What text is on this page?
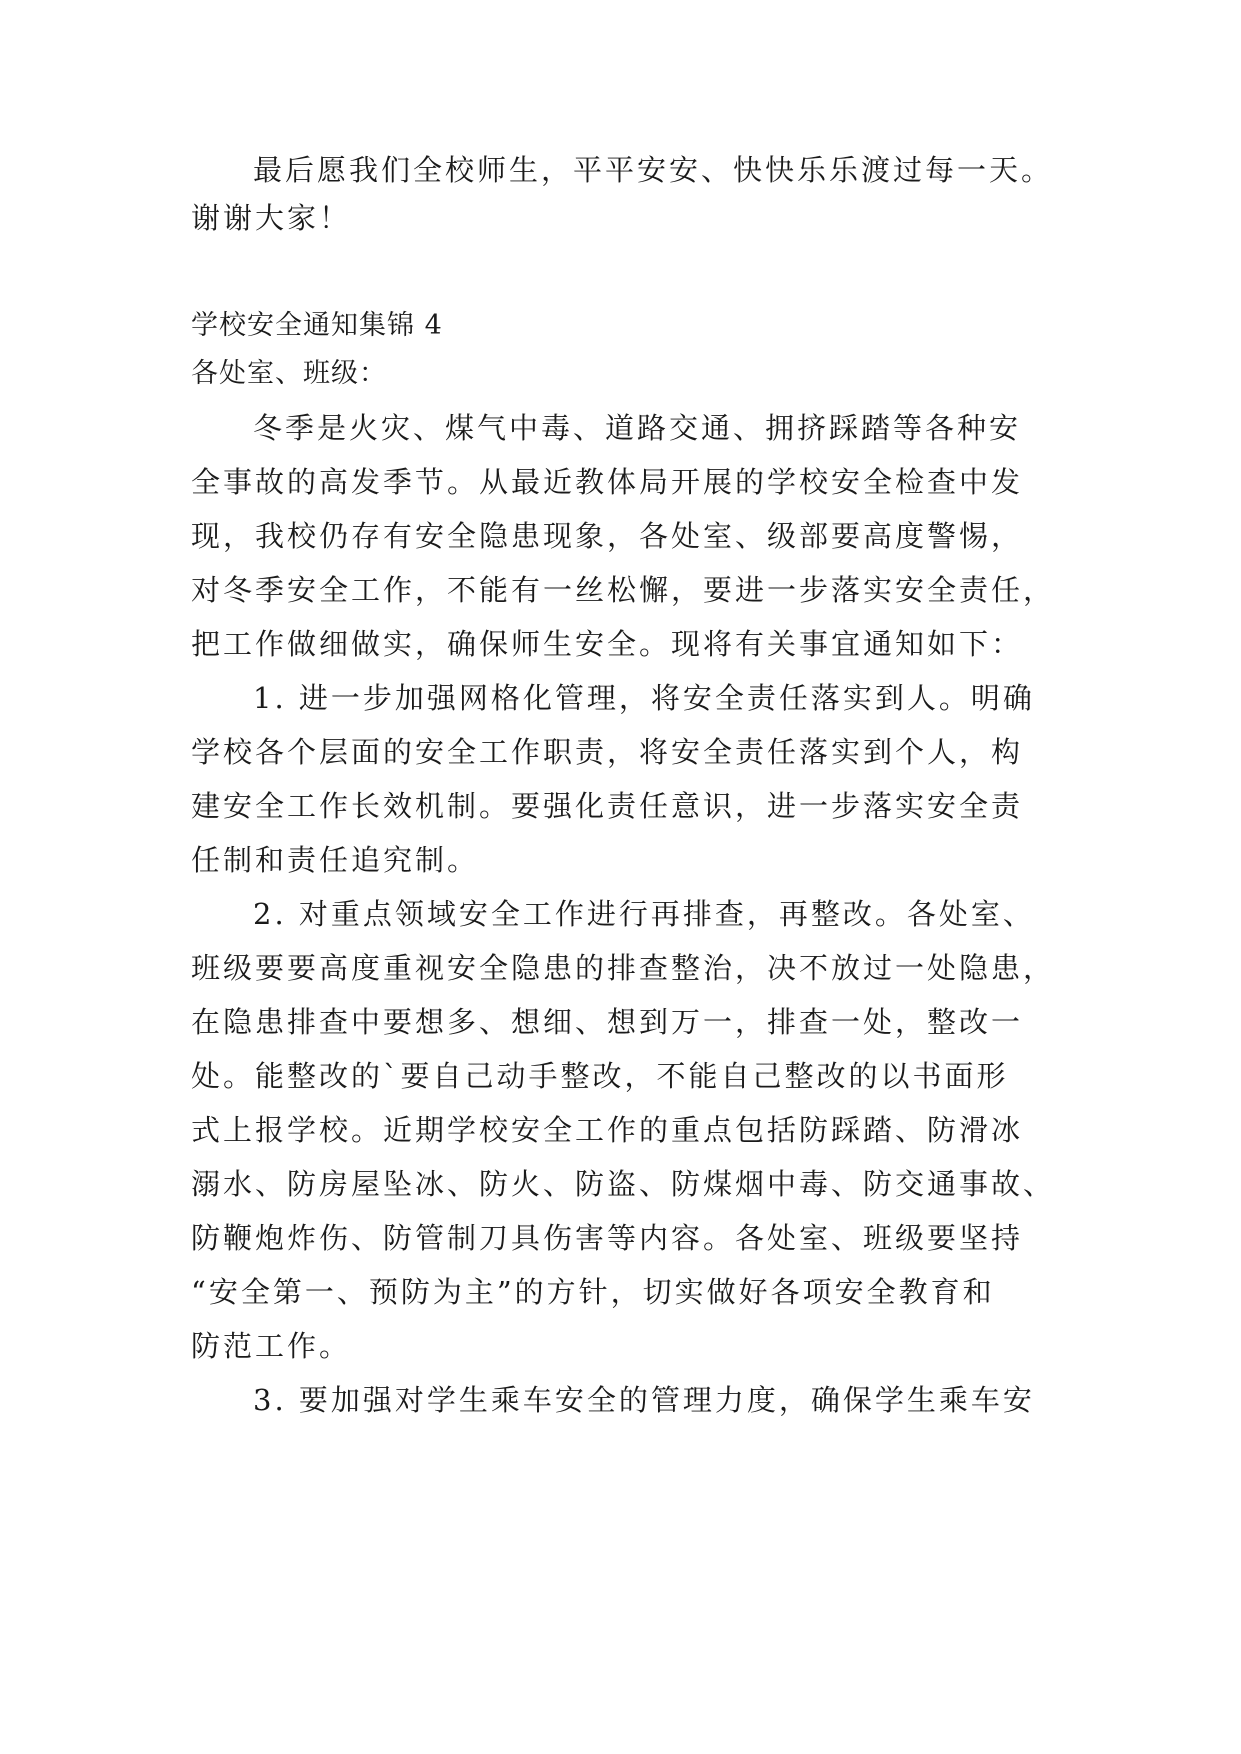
最后愿我们全校师生，平平安安、快快乐乐渡过每一天。
谢谢大家！
学校安全通知集锦 4
各处室、班级：
冬季是火灾、煤气中毒、道路交通、拥挤踩踏等各种安
全事故的高发季节。从最近教体局开展的学校安全检查中发
现，我校仍存有安全隐患现象，各处室、级部要高度警惕，
对冬季安全工作，不能有一丝松懈，要进一步落实安全责任，
把工作做细做实，确保师生安全。现将有关事宜通知如下：
1. 进一步加强网格化管理，将安全责任落实到人。明确
学校各个层面的安全工作职责，将安全责任落实到个人，构
建安全工作长效机制。要强化责任意识，进一步落实安全责
任制和责任追究制。
2. 对重点领域安全工作进行再排查，再整改。各处室、
班级要要高度重视安全隐患的排查整治，决不放过一处隐患，
在隐患排查中要想多、想细、想到万一，排查一处，整改一
处。能整改的`要自己动手整改，不能自己整改的以书面形
式上报学校。近期学校安全工作的重点包括防踩踏、防滑冰
溺水、防房屋坠冰、防火、防盗、防煤烟中毒、防交通事故、
防鞭炮炸伤、防管制刀具伤害等内容。各处室、班级要坚持
“安全第一、预防为主”的方针，切实做好各项安全教育和
防范工作。
3. 要加强对学生乘车安全的管理力度，确保学生乘车安
